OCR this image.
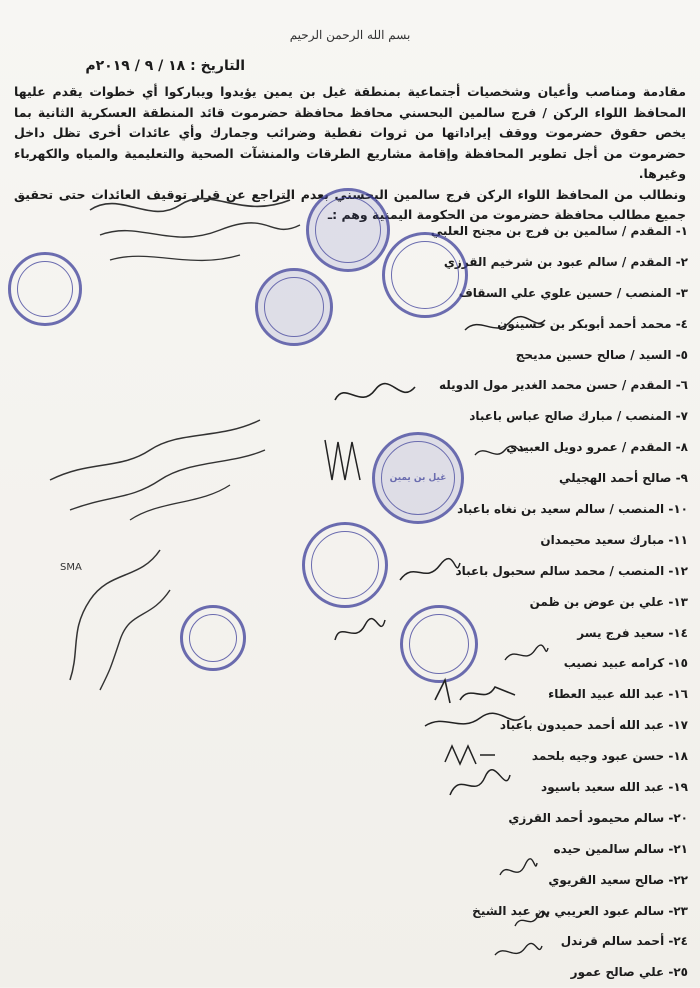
بسم الله الرحمن الرحيم
التاريخ : ١٨ / ٩ / ٢٠١٩م

مقادمة ومناصب وأعيان وشخصيات أجتماعية بمنطقة غيل بن يمين يؤيدوا ويباركوا أي خطوات يقدم عليها المحافظ اللواء الركن / فرج سالمين البحسني محافظ محافظة حضرموت قائد المنطقة العسكرية الثانية بما يخص حقوق حضرموت ووقف إيراداتها من ثروات نفطية وضرائب وجمارك وأي عائدات أخرى تظل داخل حضرموت من أجل تطوير المحافظة وإقامة مشاريع الطرقات والمنشآت الصحية والتعليمية والمياه والكهرباء وغيرها.

ونطالب من المحافظ اللواء الركن فرج سالمين البحسني بعدم التراجع عن قرار توقيف العائدات حتى تحقيق جميع مطالب محافظة حضرموت من الحكومة اليمنية وهم :ـ

١- المقدم / سالمين بن فرج بن مجنح العلبي
٢- المقدم / سالم عبود بن شرخيم القرزي
٣- المنصب / حسين علوي علي السقاف
٤- محمد أحمد أبوبكر بن حسينون
٥- السيد / صالح حسين مديحج
٦- المقدم / حسن محمد الغدير مول الدويله
٧- المنصب / مبارك صالح عباس باعباد
٨- المقدم / عمرو دويل العبيدي
٩- صالح أحمد الهجيلي
١٠- المنصب / سالم سعيد بن نغاه باعباد
١١- مبارك سعيد محيمدان
١٢- المنصب / محمد سالم سحبول باعباد
١٣- علي بن عوض بن ظمن
١٤- سعيد فرج يسر
١٥- كرامه عبيد نصيب
١٦- عبد الله عبيد العطاء
١٧- عبد الله أحمد حميدون باعباد
١٨- حسن عبود وجيه بلحمد
١٩- عبد الله سعيد باسيود
٢٠- سالم محيمود أحمد القرزي
٢١- سالم سالمين حيده
٢٢- صالح سعيد القريوي
٢٣- سالم عبود العريبي بن عبد الشيخ
٢٤- أحمد سالم قرندل
٢٥- علي صالح عمور
غيل بن يمين
SMA
